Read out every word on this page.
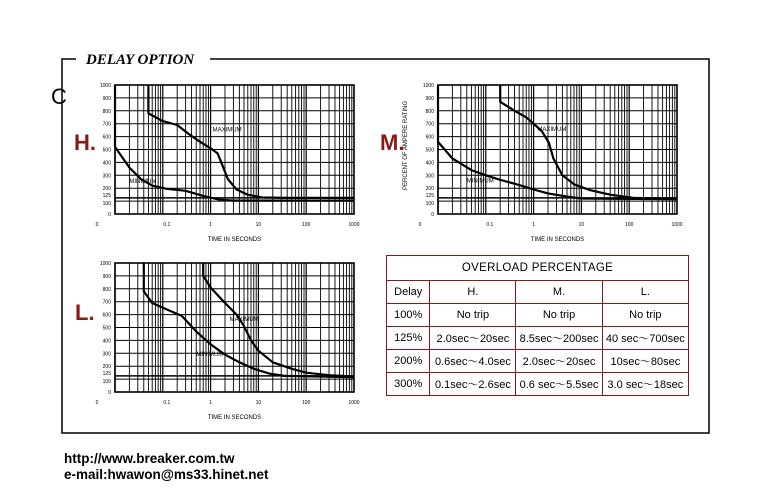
DELAY OPTION
C
H.	M.
L.
1000
900
800
700
600
500
400
300
200
125
100
0
0	0.1	1	10	100	1000
TIME IN SECONDS
MAXIMUM
MINIMUM
1000
900
800
700
600
500
400
300
200
125
100
0
0	0.1	1	10	100	1000
TIME IN SECONDS
MAXIMUM
MINIMUM
1000
900
800
700
600
500
400
300
200
125
100
0
0	0.1	1	10	100	1000
TIME IN SECONDS
MAXIMUM
MINIMUM
PERCENT OF AMPERE RATING
OVERLOAD PERCENTAGE			
Delay	H.	M.	L.
100%	No trip	No trip	No trip
125%	2.0sec～20sec	8.5sec～200sec	40 sec～700sec
200%	0.6sec～4.0sec	2.0sec～20sec	10sec～80sec
300%	0.1sec～2.6sec	0.6 sec～5.5sec	3.0 sec～18sec
http://www.breaker.com.tw
e-mail:hwawon@ms33.hinet.net
